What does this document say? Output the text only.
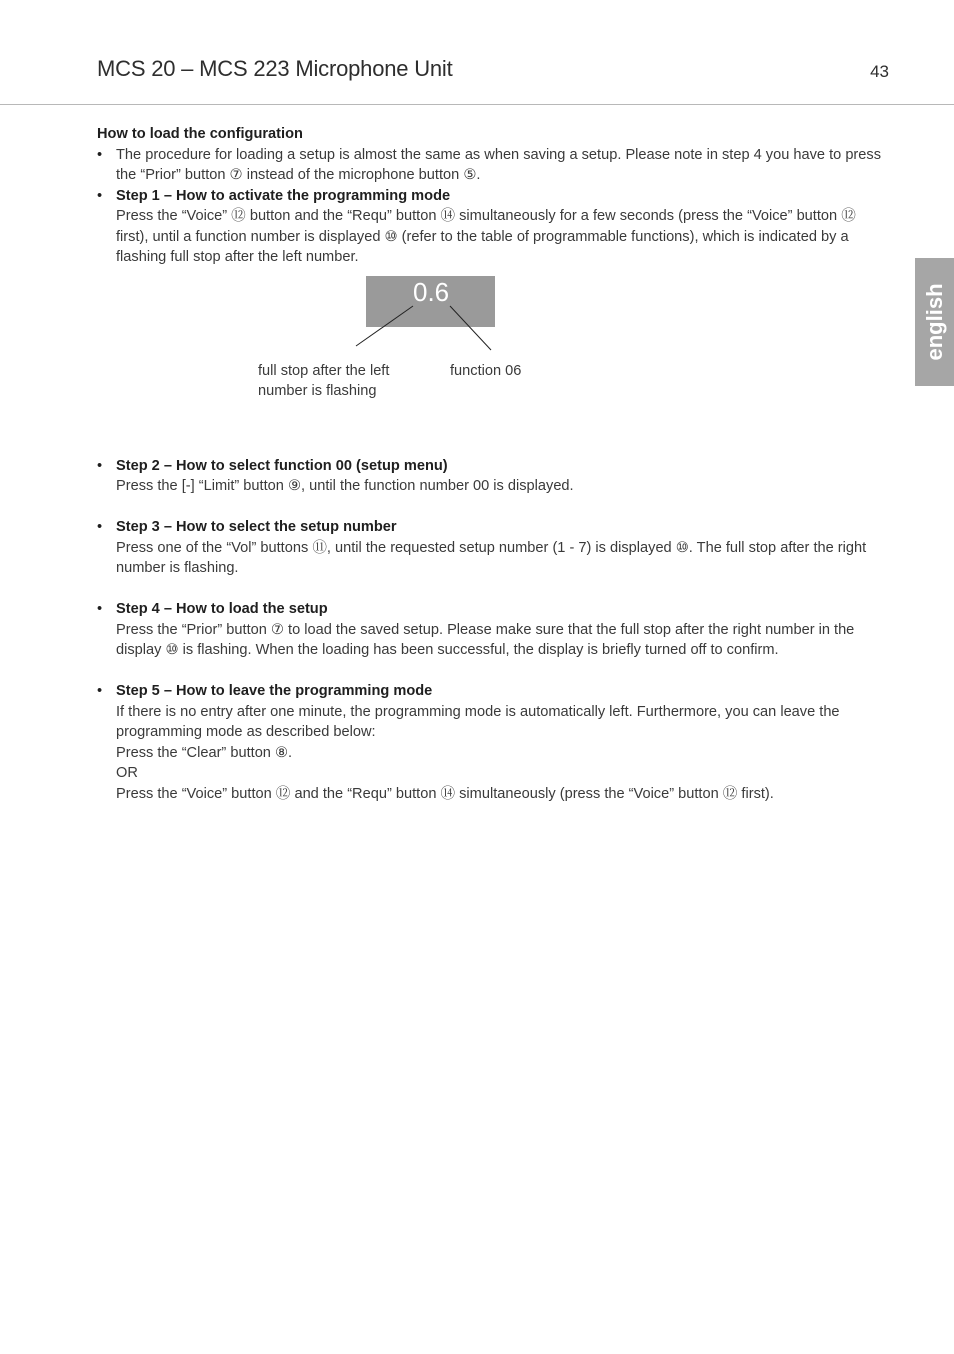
MCS 20 – MCS 223 Microphone Unit	43
english
How to load the configuration
• The procedure for loading a setup is almost the same as when saving a setup. Please note in step 4 you have to press the “Prior” button ⑦ instead of the microphone button ⑤.
• Step 1 – How to activate the programming mode
Press the “Voice” ⑫ button and the “Requ” button ⑭ simultaneously for a few seconds (press the “Voice” button ⑫ first), until a function number is displayed ⑩ (refer to the table of programmable functions), which is indicated by a flashing full stop after the left number.
0.6
full stop after the left number is flashing
function 06
• Step 2 – How to select function 00 (setup menu)
Press the [-] “Limit” button ⑨, until the function number 00 is displayed.
• Step 3 – How to select the setup number
Press one of the “Vol” buttons ⑪, until the requested setup number (1 - 7) is displayed ⑩. The full stop after the right number is flashing.
• Step 4 – How to load the setup
Press the “Prior” button ⑦ to load the saved setup. Please make sure that the full stop after the right number in the display ⑩ is flashing. When the loading has been successful, the display is briefly turned off to confirm.
• Step 5 – How to leave the programming mode
If there is no entry after one minute, the programming mode is automatically left. Furthermore, you can leave the programming mode as described below:
Press the “Clear” button ⑧.
OR
Press the “Voice” button ⑫ and the “Requ” button ⑭ simultaneously (press the “Voice” button ⑫ first).
